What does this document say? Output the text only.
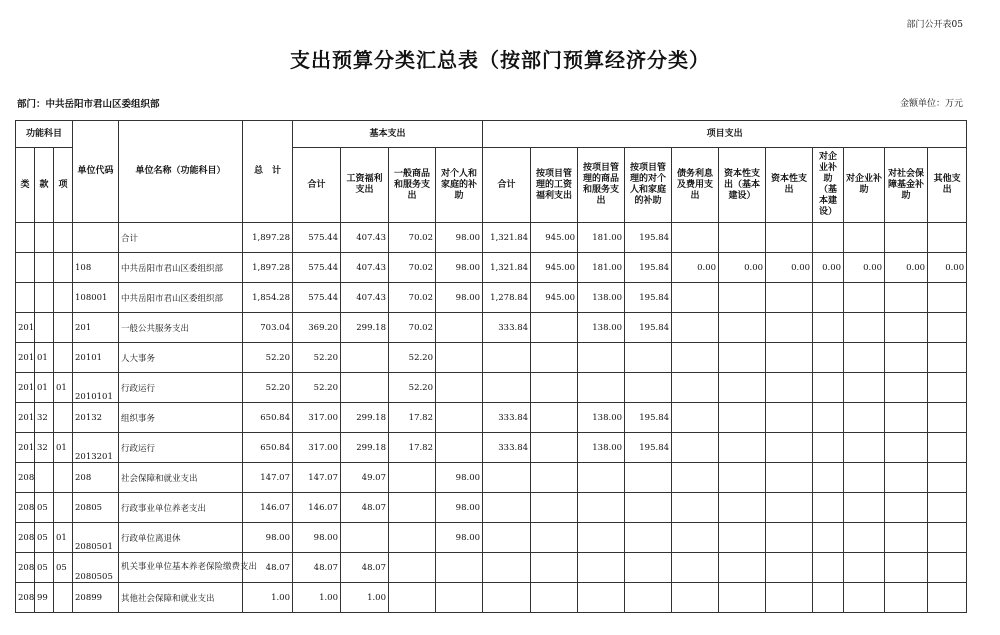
部门公开表05
支出预算分类汇总表（按部门预算经济分类）
部门：中共岳阳市君山区委组织部	金额单位：万元
功能科目			单位代码	单位名称（功能科目）	总　计	基本支出				项目支出										
类	款	项				合计	工资福利支出	一般商品和服务支出	对个人和家庭的补助	合计	按项目管理的工资福利支出	按项目管理的商品和服务支出	按项目管理的对个人和家庭的补助	债务利息及费用支出	资本性支出（基本建设）	资本性支出	对企业补助（基本建设）	对企业补助	对社会保障基金补助	其他支出
				合计	1,897.28	575.44	407.43	70.02	98.00	1,321.84	945.00	181.00	195.84							
			108	中共岳阳市君山区委组织部	1,897.28	575.44	407.43	70.02	98.00	1,321.84	945.00	181.00	195.84	0.00	0.00	0.00	0.00	0.00	0.00	0.00
			108001	中共岳阳市君山区委组织部	1,854.28	575.44	407.43	70.02	98.00	1,278.84	945.00	138.00	195.84							
201			201	一般公共服务支出	703.04	369.20	299.18	70.02		333.84		138.00	195.84							
201	01		20101	人大事务	52.20	52.20		52.20												
201	01	01	2010101	行政运行	52.20	52.20		52.20												
201	32		20132	组织事务	650.84	317.00	299.18	17.82		333.84		138.00	195.84							
201	32	01	2013201	行政运行	650.84	317.00	299.18	17.82		333.84		138.00	195.84							
208			208	社会保障和就业支出	147.07	147.07	49.07		98.00											
208	05		20805	行政事业单位养老支出	146.07	146.07	48.07		98.00											
208	05	01	2080501	行政单位离退休	98.00	98.00			98.00											
208	05	05	2080505	机关事业单位基本养老保险缴费支出	48.07	48.07	48.07													
208	99		20899	其他社会保障和就业支出	1.00	1.00	1.00													
